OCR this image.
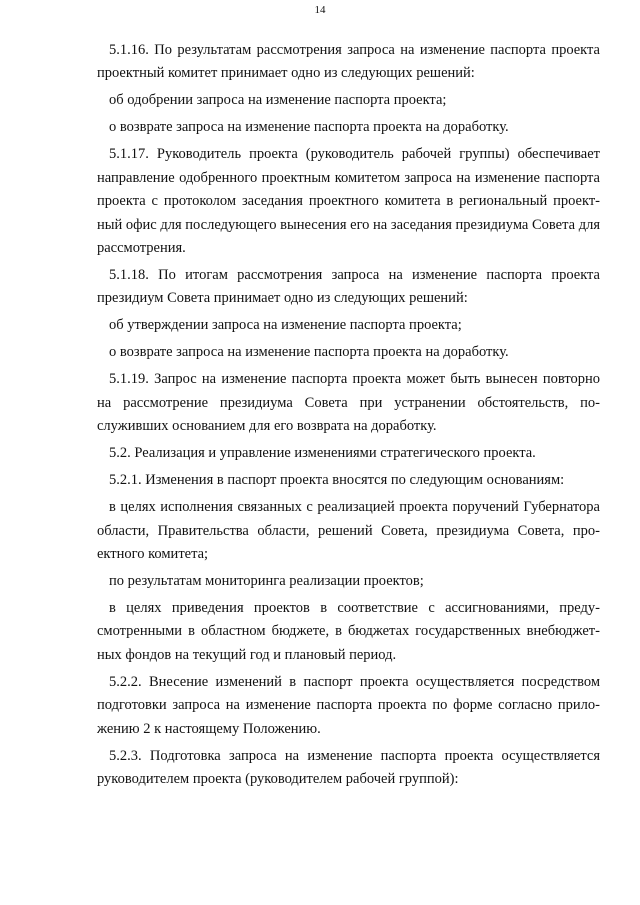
14

5.1.16. По результатам рассмотрения запроса на изменение паспорта проекта проектный комитет принимает одно из следующих решений:

об одобрении запроса на изменение паспорта проекта;

о возврате запроса на изменение паспорта проекта на доработку.

5.1.17. Руководитель проекта (руководитель рабочей группы) обеспечивает направление одобренного проектным комитетом запроса на изменение паспорта проекта с протоколом заседания проектного комитета в региональный проектный офис для последующего вынесения его на заседания президиума Совета для рассмотрения.

5.1.18. По итогам рассмотрения запроса на изменение паспорта проекта президиум Совета принимает одно из следующих решений:

об утверждении запроса на изменение паспорта проекта;

о возврате запроса на изменение паспорта проекта на доработку.

5.1.19. Запрос на изменение паспорта проекта может быть вынесен повторно на рассмотрение президиума Совета при устранении обстоятельств, послуживших основанием для его возврата на доработку.

5.2. Реализация и управление изменениями стратегического проекта.

5.2.1. Изменения в паспорт проекта вносятся по следующим основаниям:

в целях исполнения связанных с реализацией проекта поручений Губернатора области, Правительства области, решений Совета, президиума Совета, проектного комитета;

по результатам мониторинга реализации проектов;

в целях приведения проектов в соответствие с ассигнованиями, предусмотренными в областном бюджете, в бюджетах государственных внебюджетных фондов на текущий год и плановый период.

5.2.2. Внесение изменений в паспорт проекта осуществляется посредством подготовки запроса на изменение паспорта проекта по форме согласно приложению 2 к настоящему Положению.

5.2.3. Подготовка запроса на изменение паспорта проекта осуществляется руководителем проекта (руководителем рабочей группой):
